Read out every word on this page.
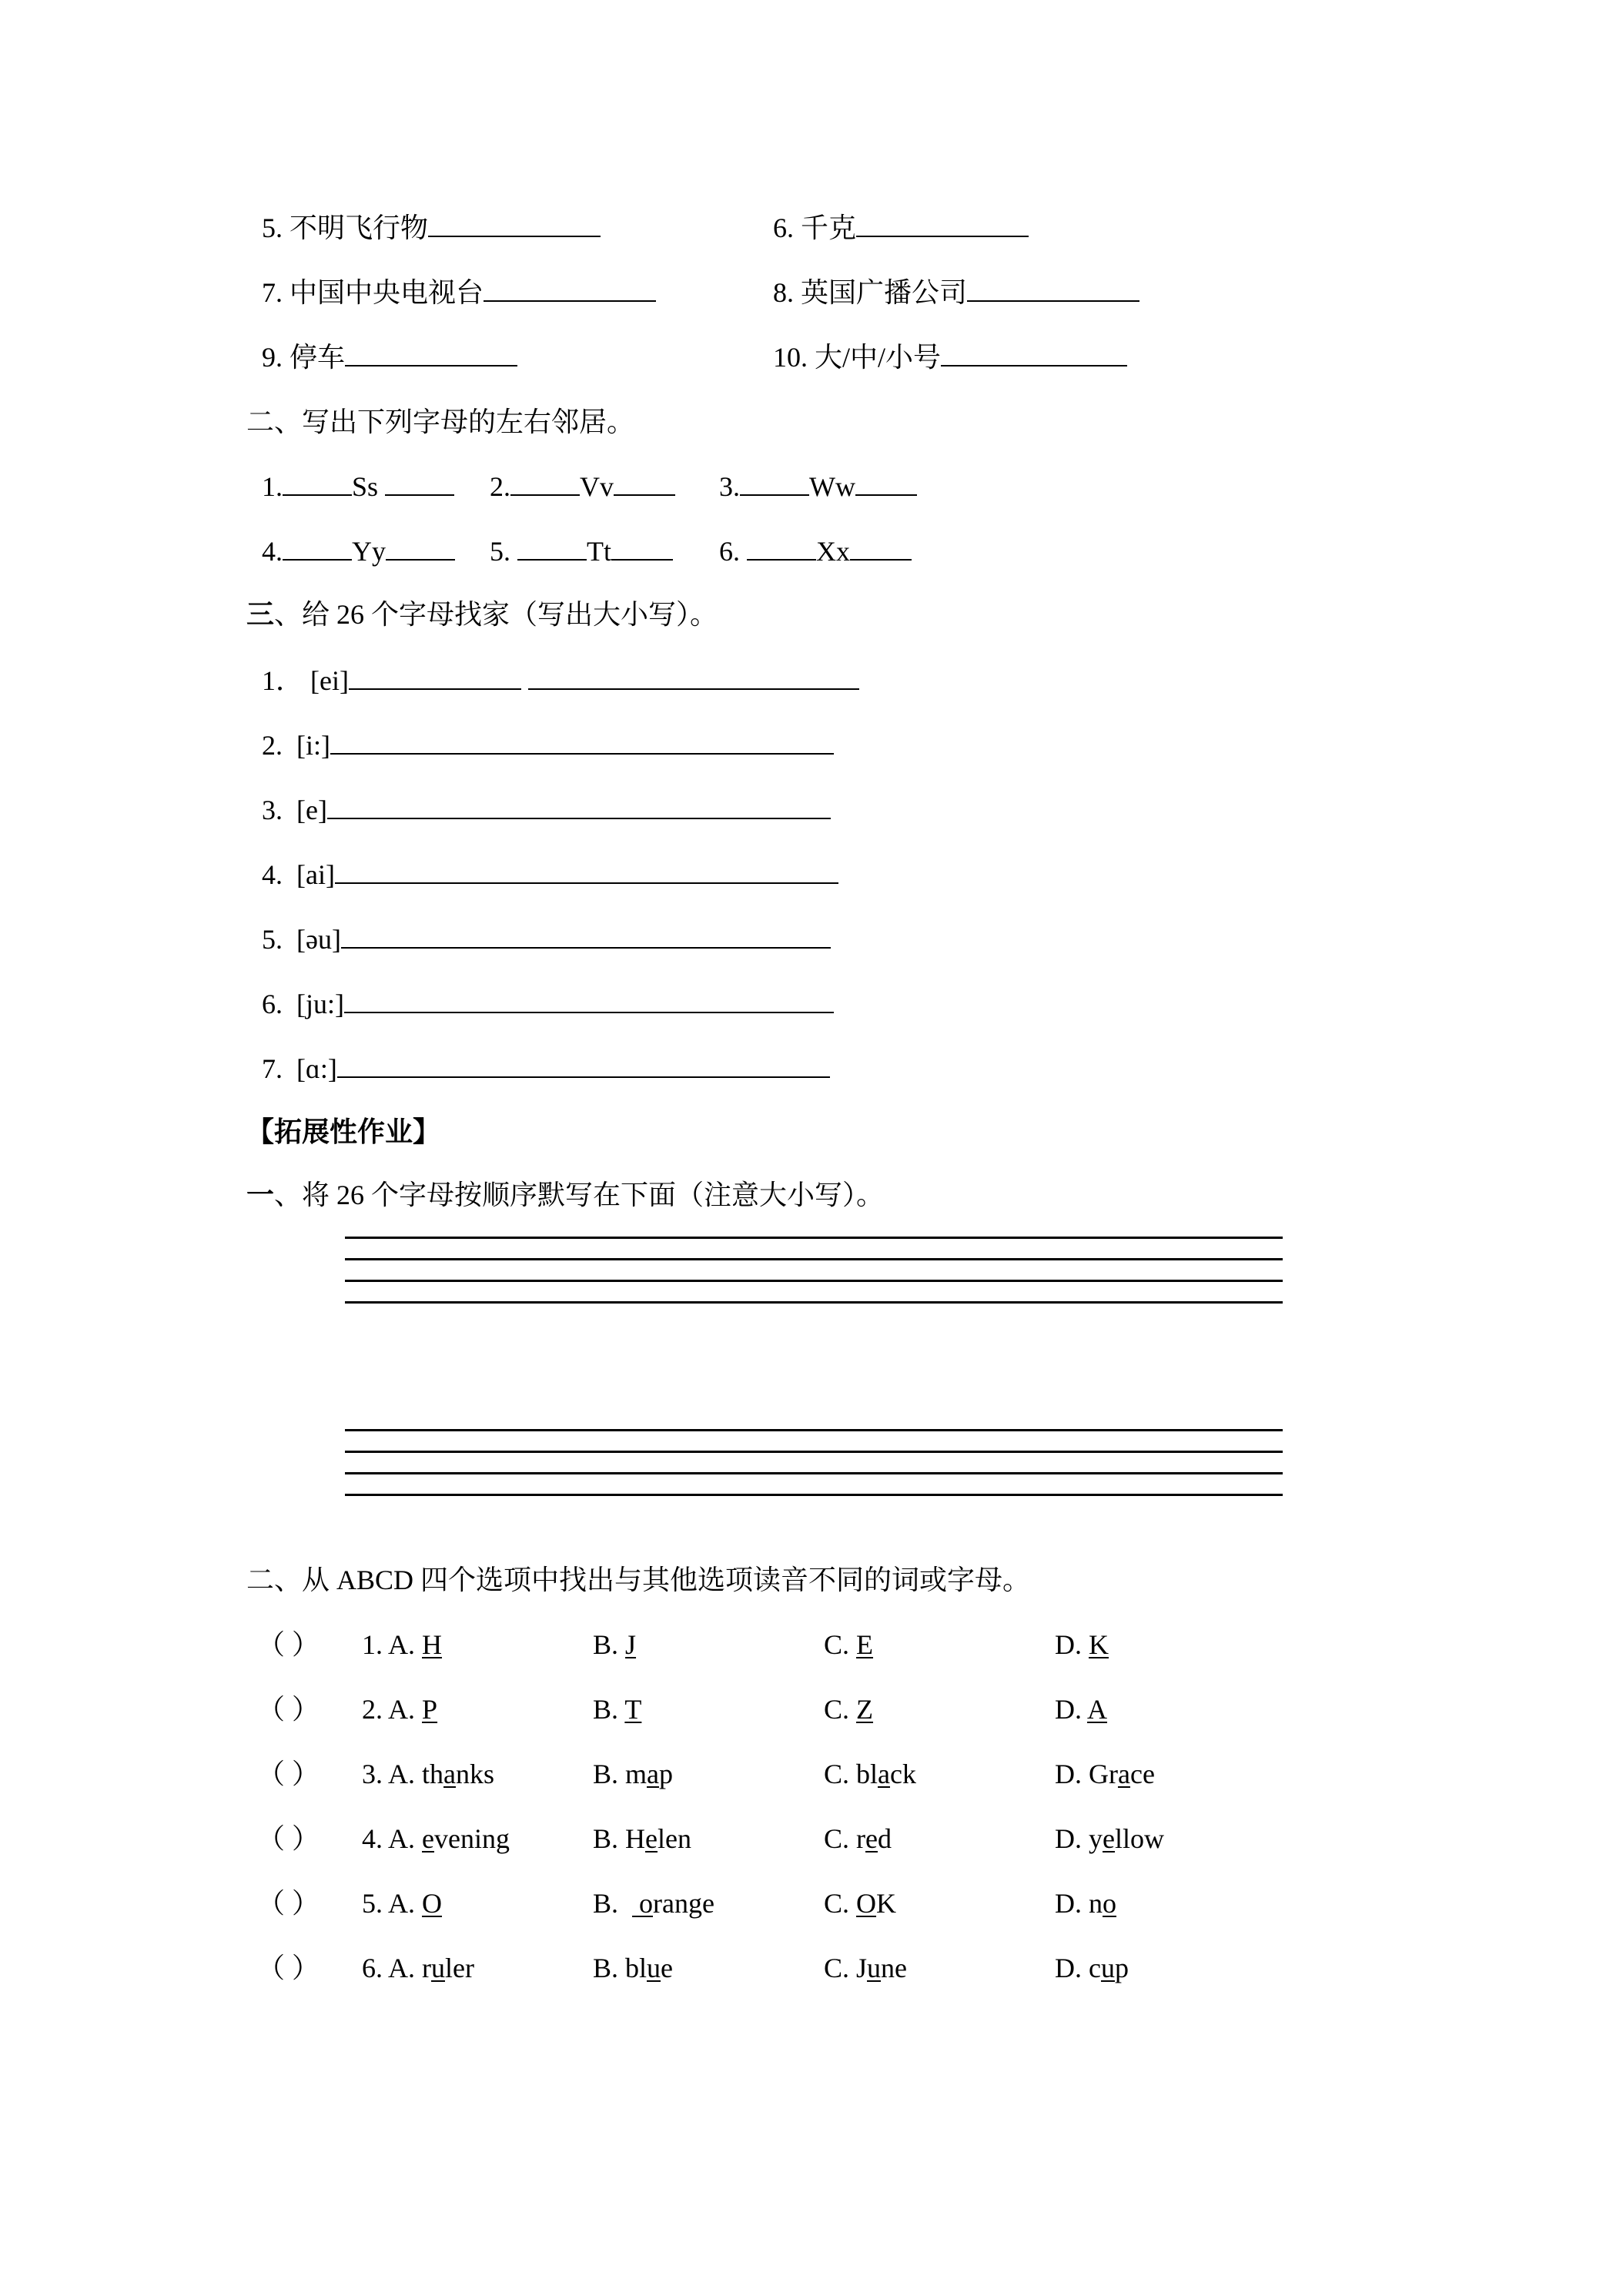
5. 不明飞行物	6. 千克
7. 中国中央电视台	8. 英国广播公司
9. 停车	10. 大/中/小号
二、写出下列字母的左右邻居。
1.	Ss	2.	Vv	3.	Ww
4.	Yy	5.	Tt	6.	Xx
三、给 26 个字母找家（写出大小写）。
1． [ei]
2. [i:]
3. [e]
4. [ai]
5. [əu]
6. [ju:]
7. [ɑ:]
【拓展性作业】
一、将 26 个字母按顺序默写在下面（注意大小写）。
二、从 ABCD 四个选项中找出与其他选项读音不同的词或字母。
（ ） 1. A. H	B. J	C. E	D. K
（ ） 2. A. P	B. T	C. Z	D. A
（ ） 3. A. thanks	B. map	C. black	D. Grace
（ ） 4. A. evening	B. Helen	C. red	D. yellow
（ ） 5. A. O	B.   orange	C. OK	D. no
（ ） 6. A. ruler	B. blue	C. June	D. cup
